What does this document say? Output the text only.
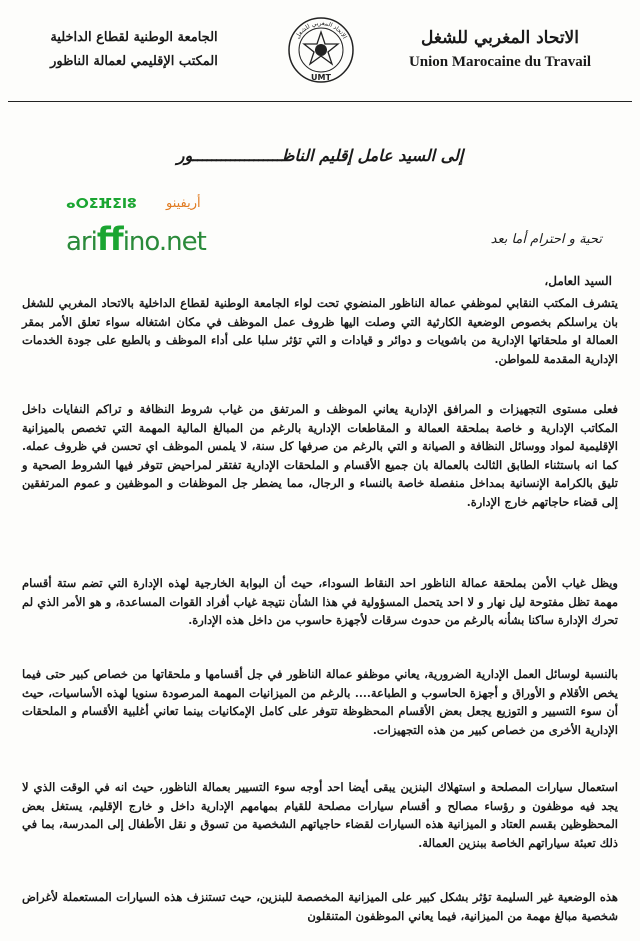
الاتحاد المغربي للشغل
Union Marocaine du Travail
الاتحاد المغربي للشغل
UMT
الجامعة الوطنية لقطاع الداخلية
المكتب الإقليمي لعمالة الناظور
إلى السيد عامل إقليم الناظـــــــــــــــــــور
ⴰⵔⵉⴼⵉⵏⵓ أريفينو
ariffino.net	تحية و احترام أما بعد
السيد العامل،

يتشرف المكتب النقابي لموظفي عمالة الناظور المنضوي تحت لواء الجامعة الوطنية لقطاع الداخلية بالاتحاد المغربي للشغل بان يراسلكم بخصوص الوضعية الكارثية التي وصلت اليها ظروف عمل الموظف في مكان اشتغاله سواء تعلق الأمر بمقر العمالة او ملحقاتها الإدارية من باشويات و دوائر و قيادات و التي تؤثر سلبا على أداء الموظف و بالطبع على جودة الخدمات الإدارية المقدمة للمواطن.

فعلى مستوى التجهيزات و المرافق الإدارية يعاني الموظف و المرتفق من غياب شروط النظافة و تراكم النفايات داخل المكاتب الإدارية و خاصة بملحقة العمالة و المقاطعات الإدارية بالرغم من المبالغ المالية المهمة التي تخصص بالميزانية الإقليمية لمواد ووسائل النظافة و الصيانة و التي بالرغم من صرفها كل سنة، لا يلمس الموظف اي تحسن في ظروف عمله. كما انه باستثناء الطابق الثالث بالعمالة بان جميع الأقسام و الملحقات الإدارية تفتقر لمراحيض تتوفر فيها الشروط الصحية و تليق بالكرامة الإنسانية بمداخل منفصلة خاصة بالنساء و الرجال، مما يضطر جل الموظفات و الموظفين و عموم المرتفقين إلى قضاء حاجاتهم خارج الإدارة.

ويظل غياب الأمن بملحقة عمالة الناظور احد النقاط السوداء، حيث أن البوابة الخارجية لهذه الإدارة التي تضم ستة أقسام مهمة تظل مفتوحة ليل نهار و لا احد يتحمل المسؤولية في هذا الشأن نتيجة غياب أفراد القوات المساعدة، و هو الأمر الذي لم تحرك الإدارة ساكنا بشأنه بالرغم من حدوث سرقات لأجهزة حاسوب من داخل هذه الإدارة.

بالنسبة لوسائل العمل الإدارية الضرورية، يعاني موظفو عمالة الناظور في جل أقسامها و ملحقاتها من خصاص كبير حتى فيما يخص الأقلام و الأوراق و أجهزة الحاسوب و الطباعة.... بالرغم من الميزانيات المهمة المرصودة سنويا لهذه الأساسيات، حيث أن سوء التسيير و التوزيع يجعل بعض الأقسام المحظوظة تتوفر على كامل الإمكانيات بينما تعاني أغلبية الأقسام و الملحقات الإدارية الأخرى من خصاص كبير من هذه التجهيزات.

استعمال سيارات المصلحة و استهلاك البنزين يبقى أيضا احد أوجه سوء التسيير بعمالة الناظور، حيث انه في الوقت الذي لا يجد فيه موظفون و رؤساء مصالح و أقسام سيارات مصلحة للقيام بمهامهم الإدارية داخل و خارج الإقليم، يستغل بعض المحظوظين بقسم العتاد و الميزانية هذه السيارات لقضاء حاجياتهم الشخصية من تسوق و نقل الأطفال إلى المدرسة، بما في ذلك تعبئة سياراتهم الخاصة ببنزين العمالة.

هذه الوضعية غير السليمة تؤثر بشكل كبير على الميزانية المخصصة للبنزين، حيث تستنزف هذه السيارات المستعملة لأغراض شخصية مبالغ مهمة من الميزانية، فيما يعاني الموظفون المتنقلون
